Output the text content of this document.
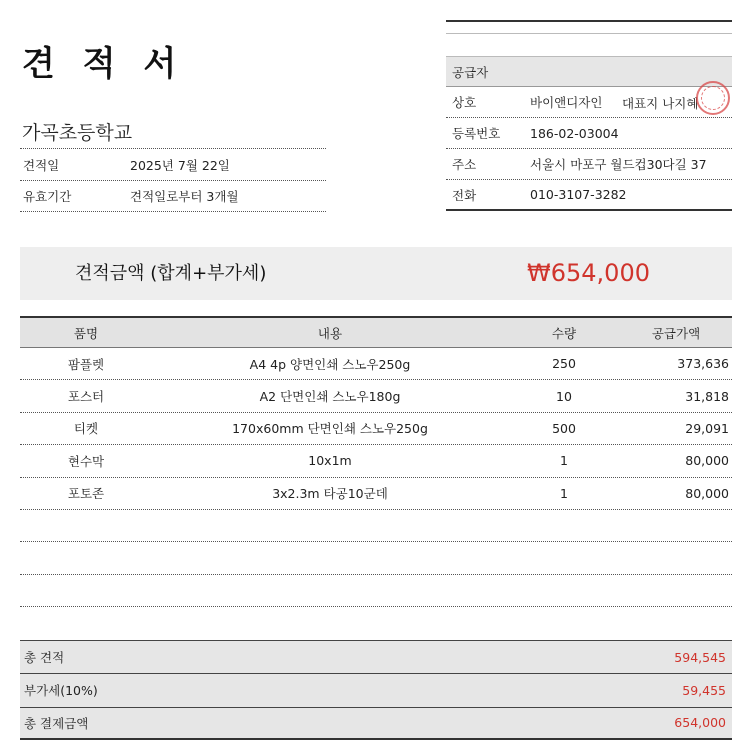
견 적 서
가곡초등학교
견적일	2025년 7월 22일
유효기간	견적일로부터 3개월
공급자
상호	바이앤디자인	대표지 나지혜
등록번호	186-02-03004
주소	서울시 마포구 월드컵30다길 37
전화	010-3107-3282
견적금액 (합계+부가세)	₩654,000
품명	내용	수량	공급가액
팜플렛	A4 4p 양면인쇄 스노우250g	250	373,636
포스터	A2 단면인쇄 스노우180g	10	31,818
티켓	170x60mm 단면인쇄 스노우250g	500	29,091
현수막	10x1m	1	80,000
포토존	3x2.3m 타공10군데	1	80,000
총 견적	594,545
부가세(10%)	59,455
총 결제금액	654,000
